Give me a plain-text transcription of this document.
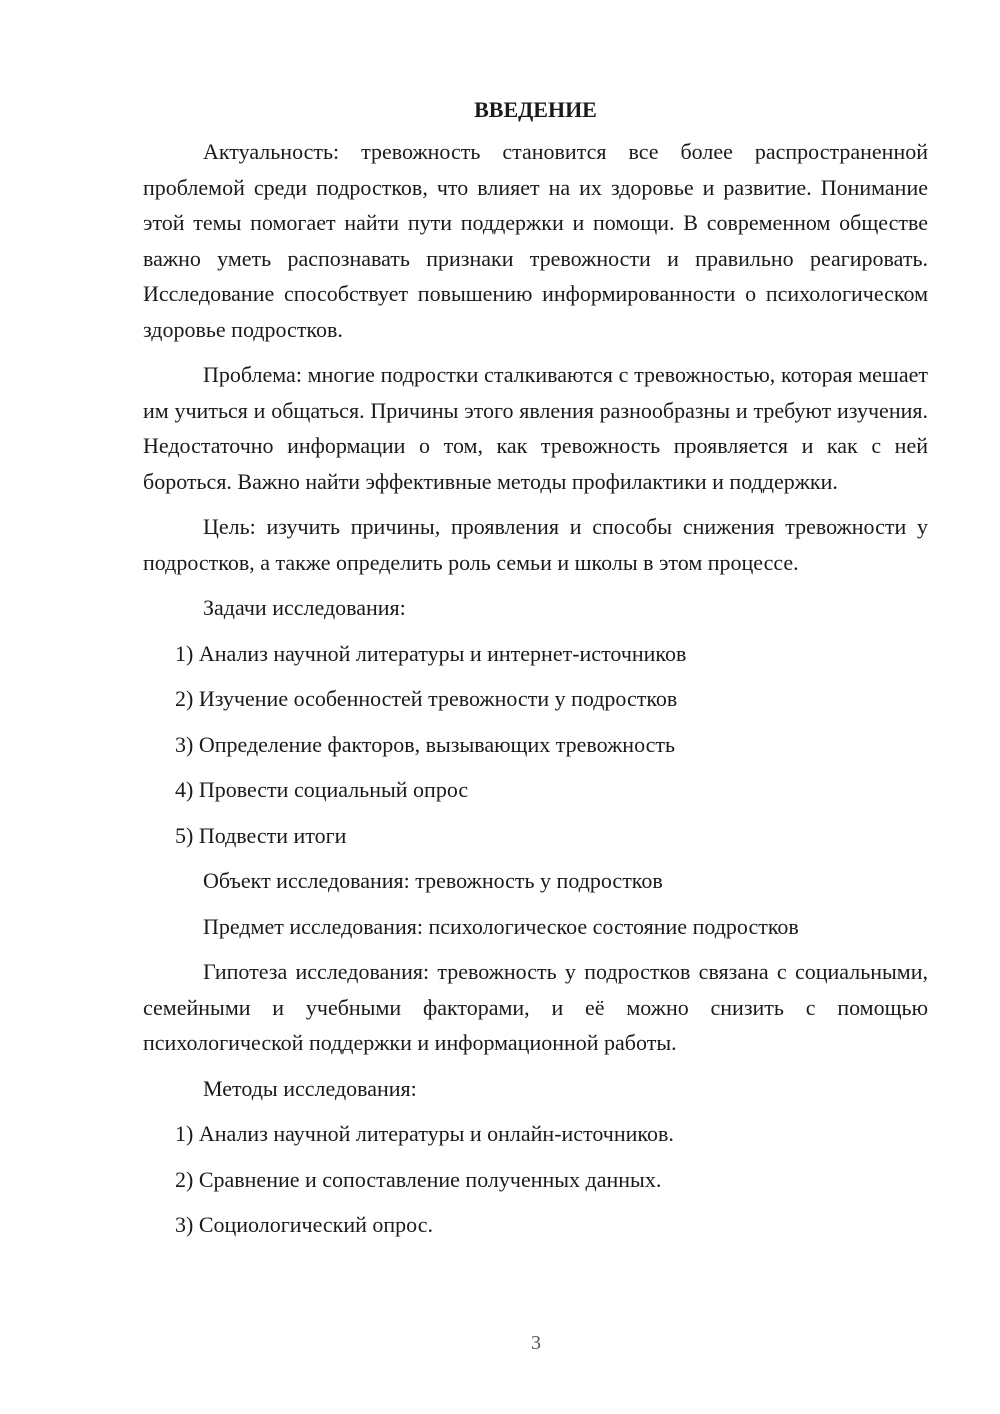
ВВЕДЕНИЕ

Актуальность: тревожность становится все более распространенной проблемой среди подростков, что влияет на их здоровье и развитие. Понимание этой темы помогает найти пути поддержки и помощи. В современном обществе важно уметь распознавать признаки тревожности и правильно реагировать. Исследование способствует повышению информированности о психологическом здоровье подростков.

Проблема: многие подростки сталкиваются с тревожностью, которая мешает им учиться и общаться. Причины этого явления разнообразны и требуют изучения. Недостаточно информации о том, как тревожность проявляется и как с ней бороться. Важно найти эффективные методы профилактики и поддержки.

Цель: изучить причины, проявления и способы снижения тревожности у подростков, а также определить роль семьи и школы в этом процессе.

Задачи исследования:
1) Анализ научной литературы и интернет-источников
2) Изучение особенностей тревожности у подростков
3) Определение факторов, вызывающих тревожность
4) Провести социальный опрос
5) Подвести итоги
Объект исследования: тревожность у подростков
Предмет исследования: психологическое состояние подростков

Гипотеза исследования: тревожность у подростков связана с социальными, семейными и учебными факторами, и её можно снизить с помощью психологической поддержки и информационной работы.

Методы исследования:
1) Анализ научной литературы и онлайн-источников.
2) Сравнение и сопоставление полученных данных.
3) Социологический опрос.
3
